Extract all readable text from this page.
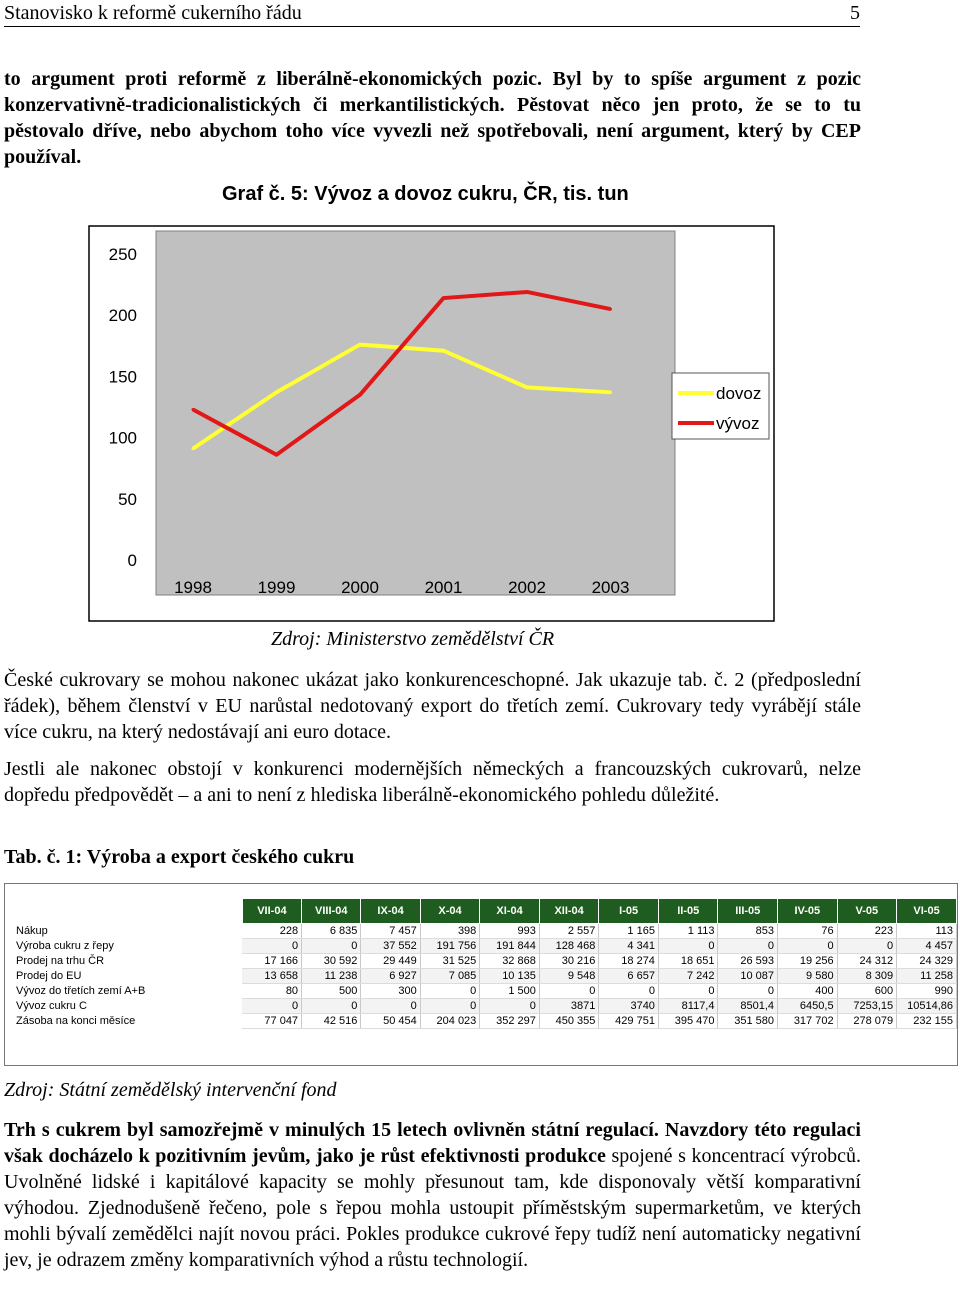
Stanovisko k reformě cukerního řádu	5
to argument proti reformě z liberálně-ekonomických pozic. Byl by to spíše argument z pozic konzervativně-tradicionalistických či merkantilistických. Pěstovat něco jen proto, že se to tu pěstovalo dříve, nebo abychom toho více vyvezli než spotřebovali, není argument, který by CEP používal.
Graf č. 5: Vývoz a dovoz cukru, ČR, tis. tun
250
200
150
100
50
0
1998	1999	2000	2001	2002	2003
dovoz
vývoz
Zdroj: Ministerstvo zemědělství ČR
České cukrovary se mohou nakonec ukázat jako konkurenceschopné. Jak ukazuje tab. č. 2 (předposlední řádek), během členství v EU narůstal nedotovaný export do třetích zemí. Cukrovary tedy vyrábějí stále více cukru, na který nedostávají ani euro dotace.
Jestli ale nakonec obstojí v konkurenci modernějších německých a francouzských cukrovarů, nelze dopředu předpovědět – a ani to není z hlediska liberálně-ekonomického pohledu důležité.
Tab. č. 1: Výroba a export českého cukru
	VII-04	VIII-04	IX-04	X-04	XI-04	XII-04	I-05	II-05	III-05	IV-05	V-05	VI-05
Nákup	228	6 835	7 457	398	993	2 557	1 165	1 113	853	76	223	113
Výroba cukru z řepy	0	0	37 552	191 756	191 844	128 468	4 341	0	0	0	0	4 457
Prodej na trhu ČR	17 166	30 592	29 449	31 525	32 868	30 216	18 274	18 651	26 593	19 256	24 312	24 329
Prodej do EU	13 658	11 238	6 927	7 085	10 135	9 548	6 657	7 242	10 087	9 580	8 309	11 258
Vývoz do třetích zemí A+B	80	500	300	0	1 500	0	0	0	0	400	600	990
Vývoz cukru C	0	0	0	0	0	3871	3740	8117,4	8501,4	6450,5	7253,15	10514,86
Zásoba na konci měsíce	77 047	42 516	50 454	204 023	352 297	450 355	429 751	395 470	351 580	317 702	278 079	232 155
Zdroj: Státní zemědělský intervenční fond
Trh s cukrem byl samozřejmě v minulých 15 letech ovlivněn státní regulací. Navzdory této regulaci však docházelo k pozitivním jevům, jako je růst efektivnosti produkce spojené s koncentrací výrobců. Uvolněné lidské i kapitálové kapacity se mohly přesunout tam, kde disponovaly větší komparativní výhodou. Zjednodušeně řečeno, pole s řepou mohla ustoupit příměstským supermarketům, ve kterých mohli bývalí zemědělci najít novou práci. Pokles produkce cukrové řepy tudíž není automaticky negativní jev, je odrazem změny komparativních výhod a růstu technologií.
